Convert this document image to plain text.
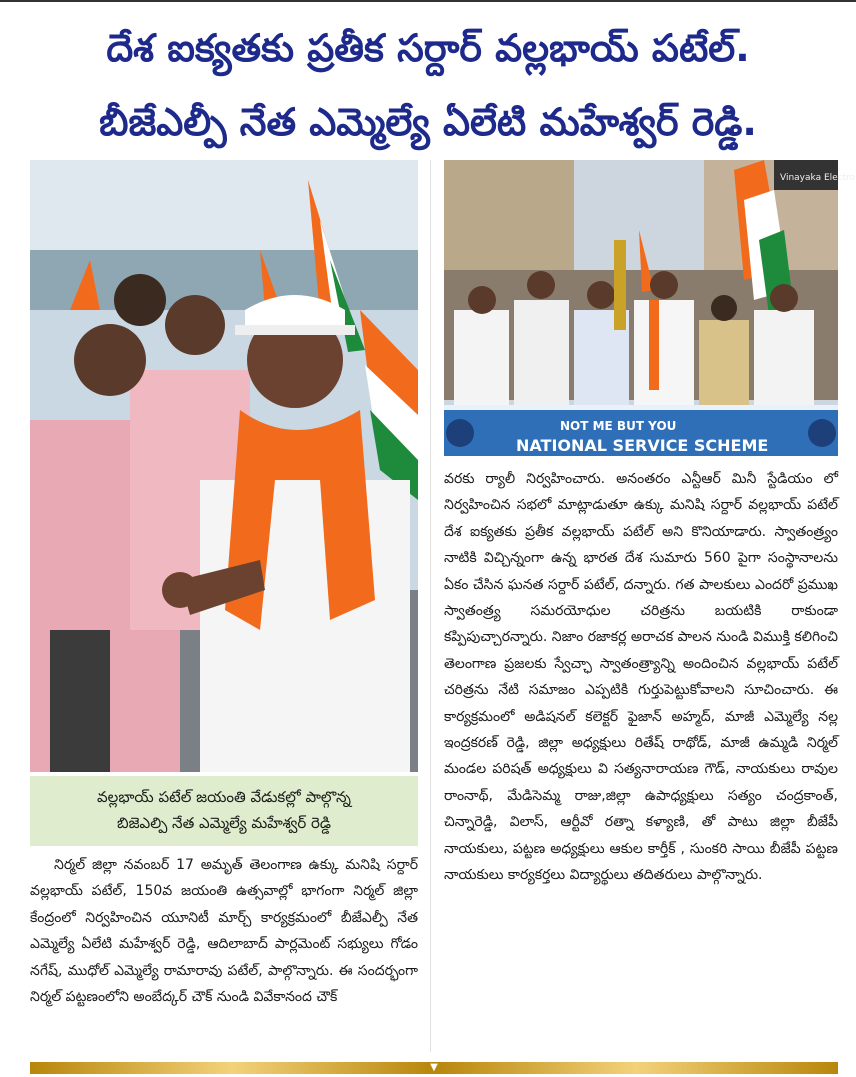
దేశ ఐక్యతకు ప్రతీక సర్దార్ వల్లభాయ్ పటేల్.
బీజేఎల్పీ నేత ఎమ్మెల్యే ఏలేటి మహేశ్వర్ రెడ్డి.
Vinayaka Electro
NOT ME BUT YOU
NATIONAL SERVICE SCHEME
వల్లభాయ్ పటేల్ జయంతి వేడుకల్లో పాల్గొన్న
బిజెఎల్పి నేత ఎమ్మెల్యే మహేశ్వర్ రెడ్డి

నిర్మల్ జిల్లా నవంబర్ 17 అమృత్ తెలంగాణ ఉక్కు మనిషి సర్దార్ వల్లభాయ్ పటేల్, 150వ జయంతి ఉత్సవాల్లో భాగంగా నిర్మల్ జిల్లా కేంద్రంలో నిర్వహించిన యూనిటీ మార్చ్ కార్యక్రమంలో బీజేఎల్పీ నేత ఎమ్మెల్యే ఏలేటి మహేశ్వర్ రెడ్డి, ఆదిలాబాద్ పార్లమెంట్ సభ్యులు గోడం నగేష్, ముధోల్ ఎమ్మెల్యే రామారావు పటేల్, పాల్గొన్నారు. ఈ సందర్భంగా నిర్మల్ పట్టణంలోని అంబేద్కర్ చౌక్ నుండి వివేకానంద చౌక్

వరకు ర్యాలీ నిర్వహించారు. అనంతరం ఎన్టీఆర్ మినీ స్టేడియం లో నిర్వహించిన సభలో మాట్లాడుతూ ఉక్కు మనిషి సర్దార్ వల్లభాయ్ పటేల్ దేశ ఐక్యతకు ప్రతీక వల్లభాయ్ పటేల్ అని కొనియాడారు. స్వాతంత్ర్యం నాటికి విచ్చిన్నంగా ఉన్న భారత దేశ సుమారు 560 పైగా సంస్థానాలను ఏకం చేసిన ఘనత సర్దార్ పటేల్, దన్నారు. గత పాలకులు ఎందరో ప్రముఖ స్వాతంత్ర్య సమరయోధుల చరిత్రను బయటికి రాకుండా కప్పిపుచ్చారన్నారు. నిజాం రజాకర్ల అరాచక పాలన నుండి విముక్తి కలిగించి తెలంగాణ ప్రజలకు స్వేచ్ఛా స్వాతంత్ర్యాన్ని అందించిన వల్లభాయ్ పటేల్ చరిత్రను నేటి సమాజం ఎప్పటికి గుర్తుపెట్టుకోవాలని సూచించారు. ఈ కార్యక్రమంలో అడిషనల్ కలెక్టర్ ఫైజాన్ అహ్మద్, మాజీ ఎమ్మెల్యే నల్ల ఇంద్రకరణ్ రెడ్డి, జిల్లా అధ్యక్షులు రితేష్ రాథోడ్, మాజీ ఉమ్మడి నిర్మల్ మండల పరిషత్ అధ్యక్షులు వి సత్యనారాయణ గౌడ్, నాయకులు రావుల రాంనాథ్, మేడిసెమ్మ రాజు,జిల్లా ఉపాధ్యక్షులు సత్యం చంద్రకాంత్, చిన్నారెడ్డి, విలాస్, ఆర్టీవో రత్నా కళ్యాణి, తో పాటు జిల్లా బీజేపీ నాయకులు, పట్టణ అధ్యక్షులు ఆకుల కార్తీక్ , సుంకరి సాయి బీజేపీ పట్టణ నాయకులు కార్యకర్తలు విద్యార్థులు తదితరులు పాల్గొన్నారు.
▼
